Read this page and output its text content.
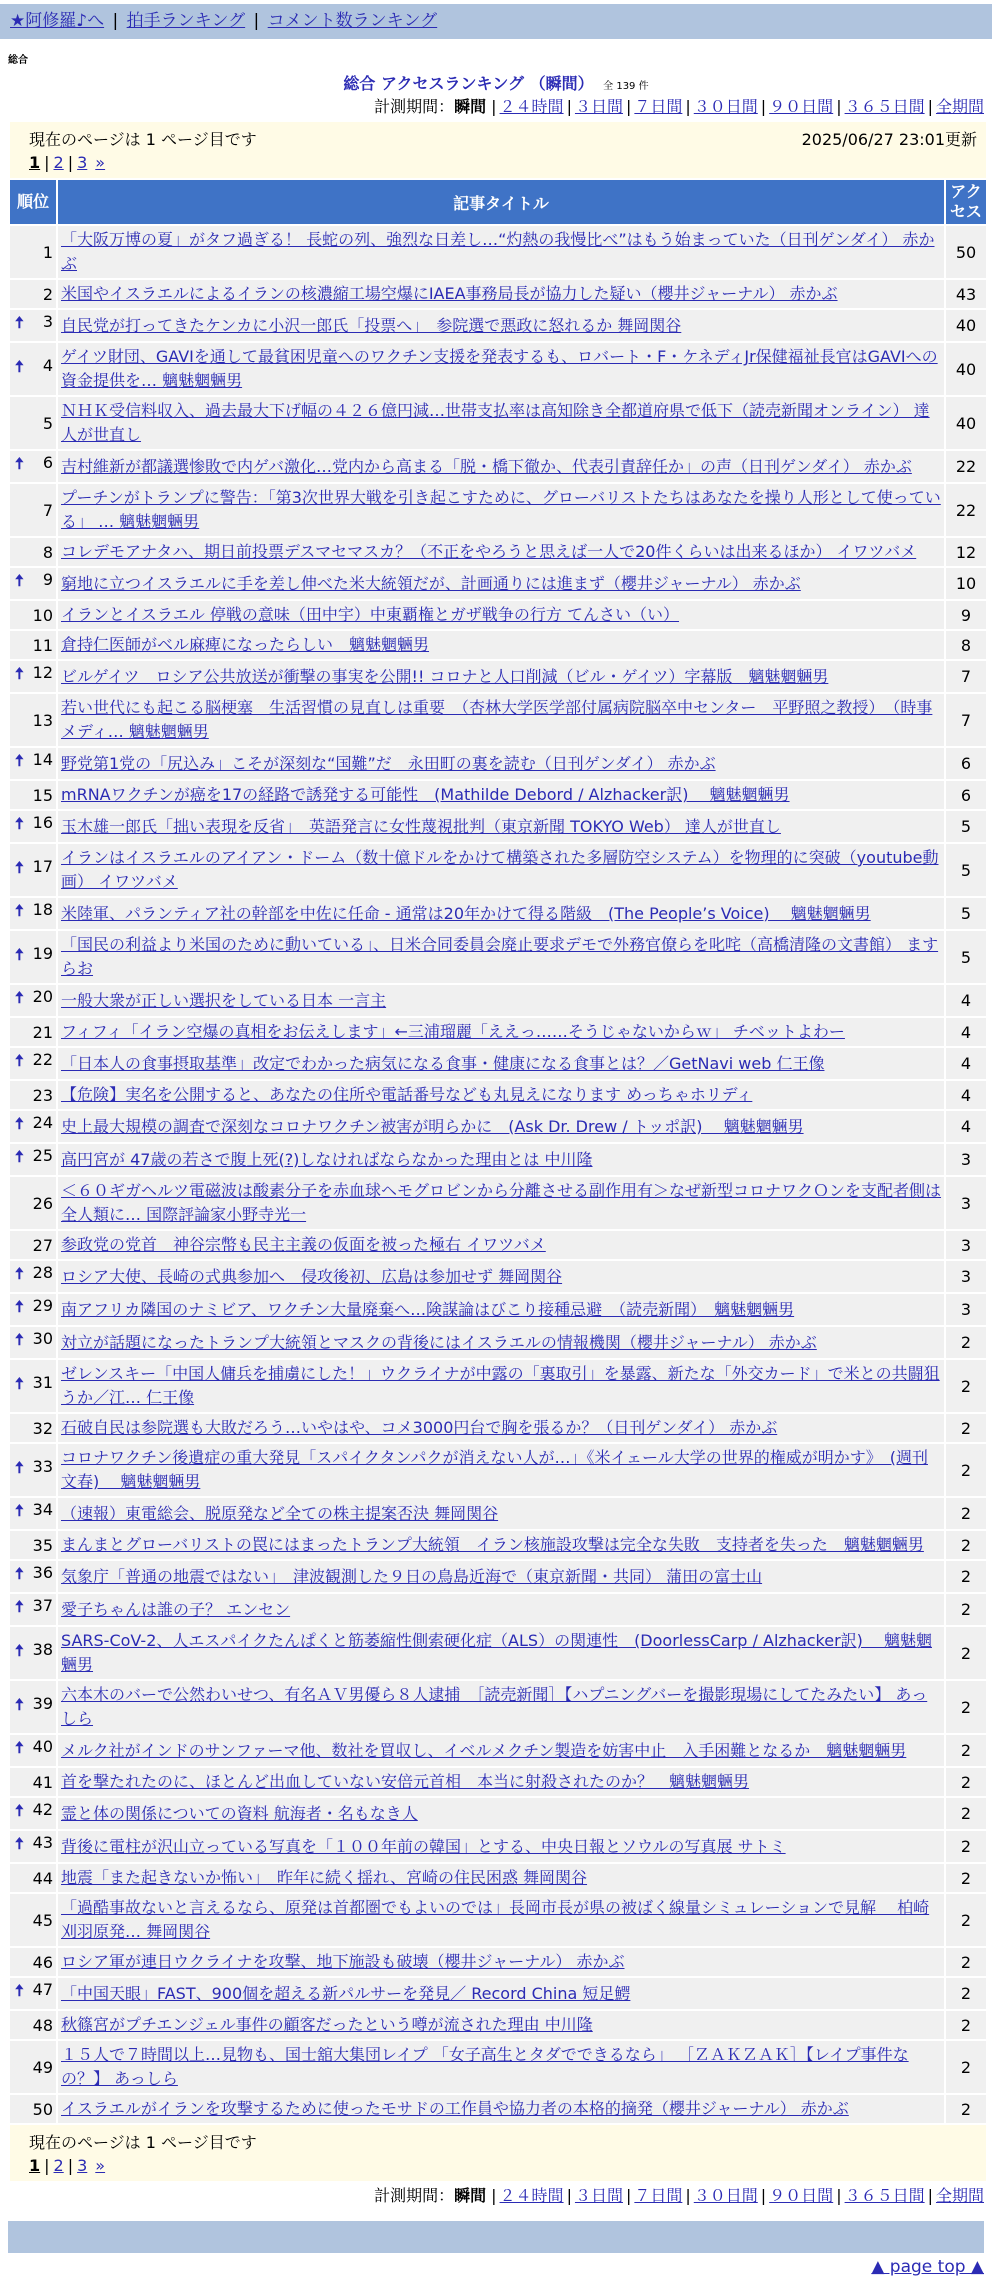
★阿修羅♪へ | 拍手ランキング | コメント数ランキング
総合
総合 アクセスランキング （瞬間） 全 139 件
計測期間：瞬間 | ２４時間 | ３日間 | ７日間 | ３０日間 | ９０日間 | ３６５日間 | 全期間
現在のページは 1 ページ目です 2025/06/27 23:01更新
1 | 2 | 3 »		

順位	記事タイトル	アクセス
1	「大阪万博の夏」がタフ過ぎる！ 長蛇の列、強烈な日差し…“灼熱の我慢比べ”はもう始まっていた（日刊ゲンダイ） 赤かぶ	50
2	米国やイスラエルによるイランの核濃縮工場空爆にIAEA事務局長が協力した疑い（櫻井ジャーナル） 赤かぶ	43

🠅 3	自民党が打ってきたケンカに小沢一郎氏「投票へ」　参院選で悪政に怒れるか 舞岡関谷	40

🠅 4	ゲイツ財団、GAVIを通して最貧困児童へのワクチン支援を発表するも、ロバート・F・ケネディJr保健福祉長官はGAVIへの資金提供を… 魑魅魍魎男	40
5	ＮＨＫ受信料収入、過去最大下げ幅の４２６億円減…世帯支払率は高知除き全都道府県で低下（読売新聞オンライン） 達人が世直し	40

🠅 6	吉村維新が都議選惨敗で内ゲバ激化…党内から高まる「脱・橋下徹か、代表引責辞任か」の声（日刊ゲンダイ） 赤かぶ	22
7	プーチンがトランプに警告：「第3次世界大戦を引き起こすために、グローバリストたちはあなたを操り人形として使っている」 … 魑魅魍魎男	22
8	コレデモアナタハ、期日前投票デスマセマスカ？（不正をやろうと思えば一人で20件くらいは出来るほか） イワツバメ	12

🠅 9	窮地に立つイスラエルに手を差し伸べた米大統領だが、計画通りには進まず（櫻井ジャーナル） 赤かぶ	10
10	イランとイスラエル 停戦の意味（田中宇）中東覇権とガザ戦争の行方 てんさい（い）	9
11	倉持仁医師がベル麻痺になったらしい　魑魅魍魎男	8

🠅 12	ビルゲイツ　ロシア公共放送が衝撃の事実を公開!! コロナと人口削減（ビル・ゲイツ）字幕版　魑魅魍魎男	7
13	若い世代にも起こる脳梗塞　生活習慣の見直しは重要　（杏林大学医学部付属病院脳卒中センター　平野照之教授）　（時事メディ… 魑魅魍魎男	7

🠅 14	野党第1党の「尻込み」こそが深刻な“国難”だ　永田町の裏を読む（日刊ゲンダイ） 赤かぶ	6
15	mRNAワクチンが癌を17の経路で誘発する可能性　(Mathilde Debord / Alzhacker訳)　 魑魅魍魎男	6

🠅 16	玉木雄一郎氏「拙い表現を反省」　英語発言に女性蔑視批判（東京新聞 TOKYO Web） 達人が世直し	5

🠅 17	イランはイスラエルのアイアン・ドーム（数十億ドルをかけて構築された多層防空システム）を物理的に突破（youtube動画） イワツバメ	5

🠅 18	米陸軍、パランティア社の幹部を中佐に任命 - 通常は20年かけて得る階級　(The People’s Voice)　 魑魅魍魎男	5

🠅 19	「国民の利益より米国のために動いている」、日米合同委員会廃止要求デモで外務官僚らを叱咤（高橋清隆の文書館） ますらお	5

🠅 20	一般大衆が正しい選択をしている日本 一言主	4
21	フィフィ「イラン空爆の真相をお伝えします」←三浦瑠麗「ええっ……そうじゃないからｗ」 チベットよわー	4

🠅 22	「日本人の食事摂取基準」改定でわかった病気になる食事・健康になる食事とは？／GetNavi web 仁王像	4
23	【危険】実名を公開すると、あなたの住所や電話番号なども丸見えになります めっちゃホリディ	4

🠅 24	史上最大規模の調査で深刻なコロナワクチン被害が明らかに　(Ask Dr. Drew / トッポ訳)　 魑魅魍魎男	4

🠅 25	高円宮が 47歳の若さで腹上死(?)しなければならなかった理由とは 中川隆	3
26	＜６０ギガヘルツ電磁波は酸素分子を赤血球ヘモグロビンから分離させる副作用有＞なぜ新型コロナワクＯンを支配者側は全人類に… 国際評論家小野寺光一	3
27	参政党の党首　神谷宗幣も民主主義の仮面を被った極右 イワツバメ	3

🠅 28	ロシア大使、長崎の式典参加へ　侵攻後初、広島は参加せず 舞岡関谷	3

🠅 29	南アフリカ隣国のナミビア、ワクチン大量廃棄へ…険謀論はびこり接種忌避　（読売新聞）　魑魅魍魎男	3

🠅 30	対立が話題になったトランプ大統領とマスクの背後にはイスラエルの情報機関（櫻井ジャーナル） 赤かぶ	2

🠅 31	ゼレンスキー「中国人傭兵を捕虜にした！」ウクライナが中露の「裏取引」を暴露、新たな「外交カード」で米との共闘狙うか／江… 仁王像	2
32	石破自民は参院選も大敗だろう…いやはや、コメ3000円台で胸を張るか？（日刊ゲンダイ） 赤かぶ	2

🠅 33	コロナワクチン後遺症の重大発見「スパイクタンパクが消えない人が…」《米イェール大学の世界的権威が明かす》　(週刊文春)　 魑魅魍魎男	2

🠅 34	（速報）東電総会、脱原発など全ての株主提案否決 舞岡関谷	2
35	まんまとグローバリストの罠にはまったトランプ大統領　イラン核施設攻撃は完全な失敗　支持者を失った　魑魅魍魎男	2

🠅 36	気象庁「普通の地震ではない」　津波観測した９日の鳥島近海で（東京新聞・共同） 蒲田の富士山	2

🠅 37	愛子ちゃんは誰の子？ エンセン	2

🠅 38	SARS-CoV-2、人エスパイクたんぱくと筋萎縮性側索硬化症（ALS）の関連性　(DoorlessCarp / Alzhacker訳)　 魑魅魍魎男	2

🠅 39	六本木のバーで公然わいせつ、有名ＡＶ男優ら８人逮捕　［読売新聞］【ハプニングバーを撮影現場にしてたみたい】 あっしら	2

🠅 40	メルク社がインドのサンファーマ他、数社を買収し、イベルメクチン製造を妨害中止　入手困難となるか　魑魅魍魎男	2
41	首を撃たれたのに、ほとんど出血していない安倍元首相　本当に射殺されたのか？　魑魅魍魎男	2

🠅 42	霊と体の関係についての資料 航海者・名もなき人	2

🠅 43	背後に電柱が沢山立っている写真を「１００年前の韓国」とする、中央日報とソウルの写真展 サトミ	2
44	地震「また起きないか怖い」　昨年に続く揺れ、宮崎の住民困惑 舞岡関谷	2
45	「過酷事故ないと言えるなら、原発は首都圏でもよいのでは」長岡市長が県の被ばく線量シミュレーションで見解　 柏崎刈羽原発… 舞岡関谷	2
46	ロシア軍が連日ウクライナを攻撃、地下施設も破壊（櫻井ジャーナル） 赤かぶ	2

🠅 47	「中国天眼」FAST、900個を超える新パルサーを発見／ Record China 短足鰐	2
48	秋篠宮がプチエンジェル事件の顧客だったという噂が流された理由 中川隆	2
49	１５人で７時間以上…見物も、国士舘大集団レイプ 「女子高生とタダでできるなら」 ［ＺＡＫＺＡＫ］【レイプ事件なの？】 あっしら	2
50	イスラエルがイランを攻撃するために使ったモサドの工作員や協力者の本格的摘発（櫻井ジャーナル） 赤かぶ	2

現在のページは 1 ページ目です
1 | 2 | 3 »		
計測期間：瞬間 | ２４時間 | ３日間 | ７日間 | ３０日間 | ９０日間 | ３６５日間 | 全期間
▲ page top ▲
